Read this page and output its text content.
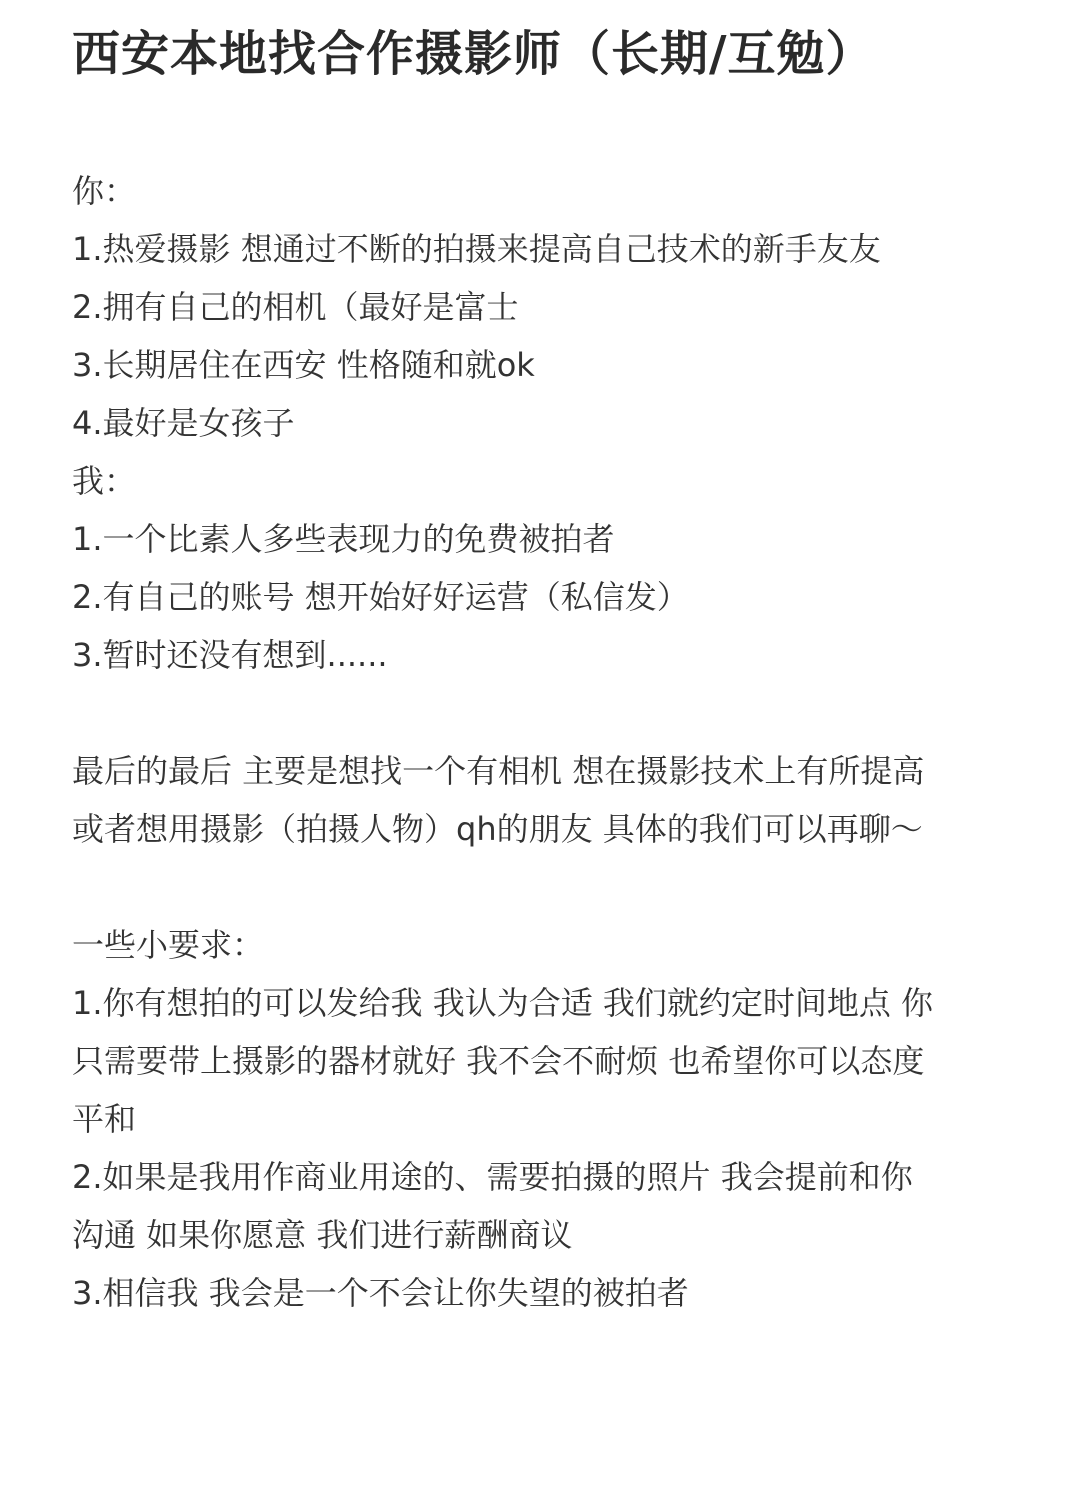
西安本地找合作摄影师（长期/互勉）
你：
1.热爱摄影 想通过不断的拍摄来提高自己技术的新手友友
2.拥有自己的相机（最好是富士
3.长期居住在西安 性格随和就ok
4.最好是女孩子
我：
1.一个比素人多些表现力的免费被拍者
2.有自己的账号 想开始好好运营（私信发）
3.暂时还没有想到......
最后的最后 主要是想找一个有相机 想在摄影技术上有所提高
或者想用摄影（拍摄人物）qh的朋友 具体的我们可以再聊～
一些小要求：
1.你有想拍的可以发给我 我认为合适 我们就约定时间地点 你
只需要带上摄影的器材就好 我不会不耐烦 也希望你可以态度
平和
2.如果是我用作商业用途的、需要拍摄的照片 我会提前和你
沟通 如果你愿意 我们进行薪酬商议
3.相信我 我会是一个不会让你失望的被拍者
